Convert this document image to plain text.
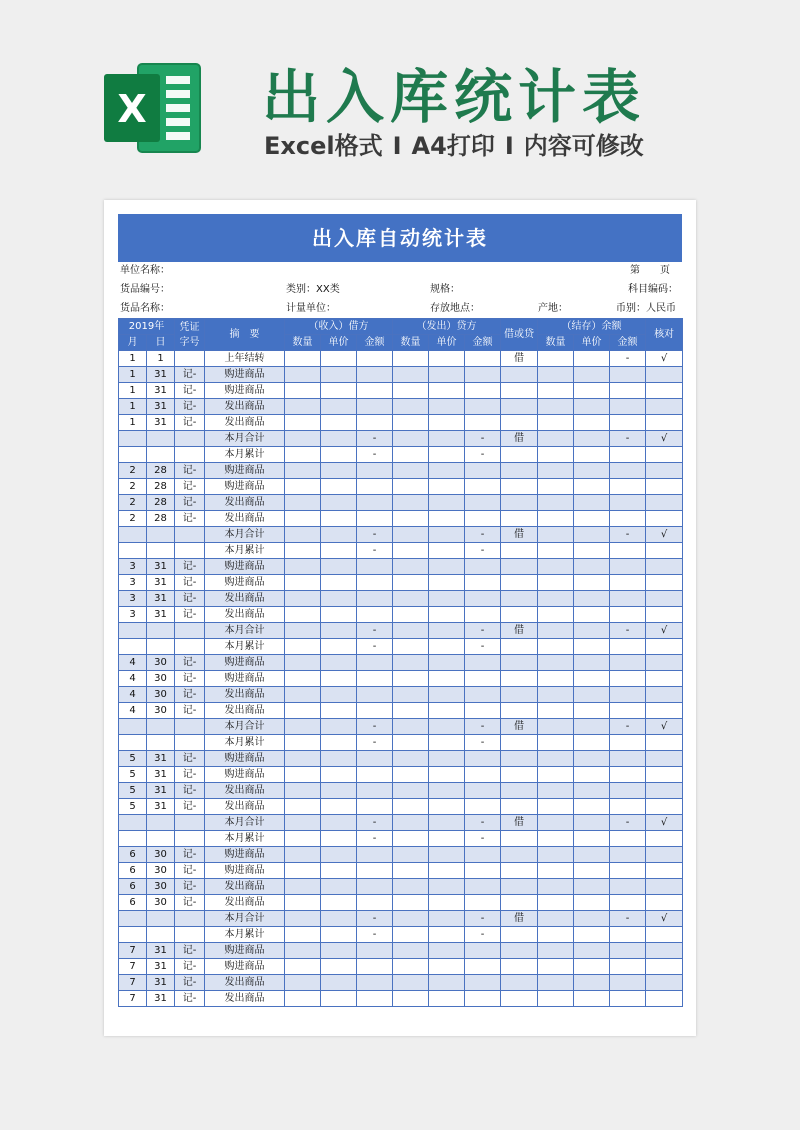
X 出入库统计表
Excel格式 I A4打印 I 内容可修改
出入库自动统计表
单位名称：	第　　页
货品编号：	类别：XX类	规格：	科目编码：
货品名称：	计量单位：	存放地点：	产地：	币别：人民币
2019年		凭证字号	摘　要	（收入）借方			（发出）贷方			借或贷	（结存）余额			核对
月	日			数量	单价	金额	数量	单价	金额		数量	单价	金额	
1	1		上年结转							借			-	√
1	31	记-	购进商品											
1	31	记-	购进商品											
1	31	记-	发出商品											
1	31	记-	发出商品											
			本月合计			-			-	借			-	√
			本月累计			-			-					
2	28	记-	购进商品											
2	28	记-	购进商品											
2	28	记-	发出商品											
2	28	记-	发出商品											
			本月合计			-			-	借			-	√
			本月累计			-			-					
3	31	记-	购进商品											
3	31	记-	购进商品											
3	31	记-	发出商品											
3	31	记-	发出商品											
			本月合计			-			-	借			-	√
			本月累计			-			-					
4	30	记-	购进商品											
4	30	记-	购进商品											
4	30	记-	发出商品											
4	30	记-	发出商品											
			本月合计			-			-	借			-	√
			本月累计			-			-					
5	31	记-	购进商品											
5	31	记-	购进商品											
5	31	记-	发出商品											
5	31	记-	发出商品											
			本月合计			-			-	借			-	√
			本月累计			-			-					
6	30	记-	购进商品											
6	30	记-	购进商品											
6	30	记-	发出商品											
6	30	记-	发出商品											
			本月合计			-			-	借			-	√
			本月累计			-			-					
7	31	记-	购进商品											
7	31	记-	购进商品											
7	31	记-	发出商品											
7	31	记-	发出商品											
